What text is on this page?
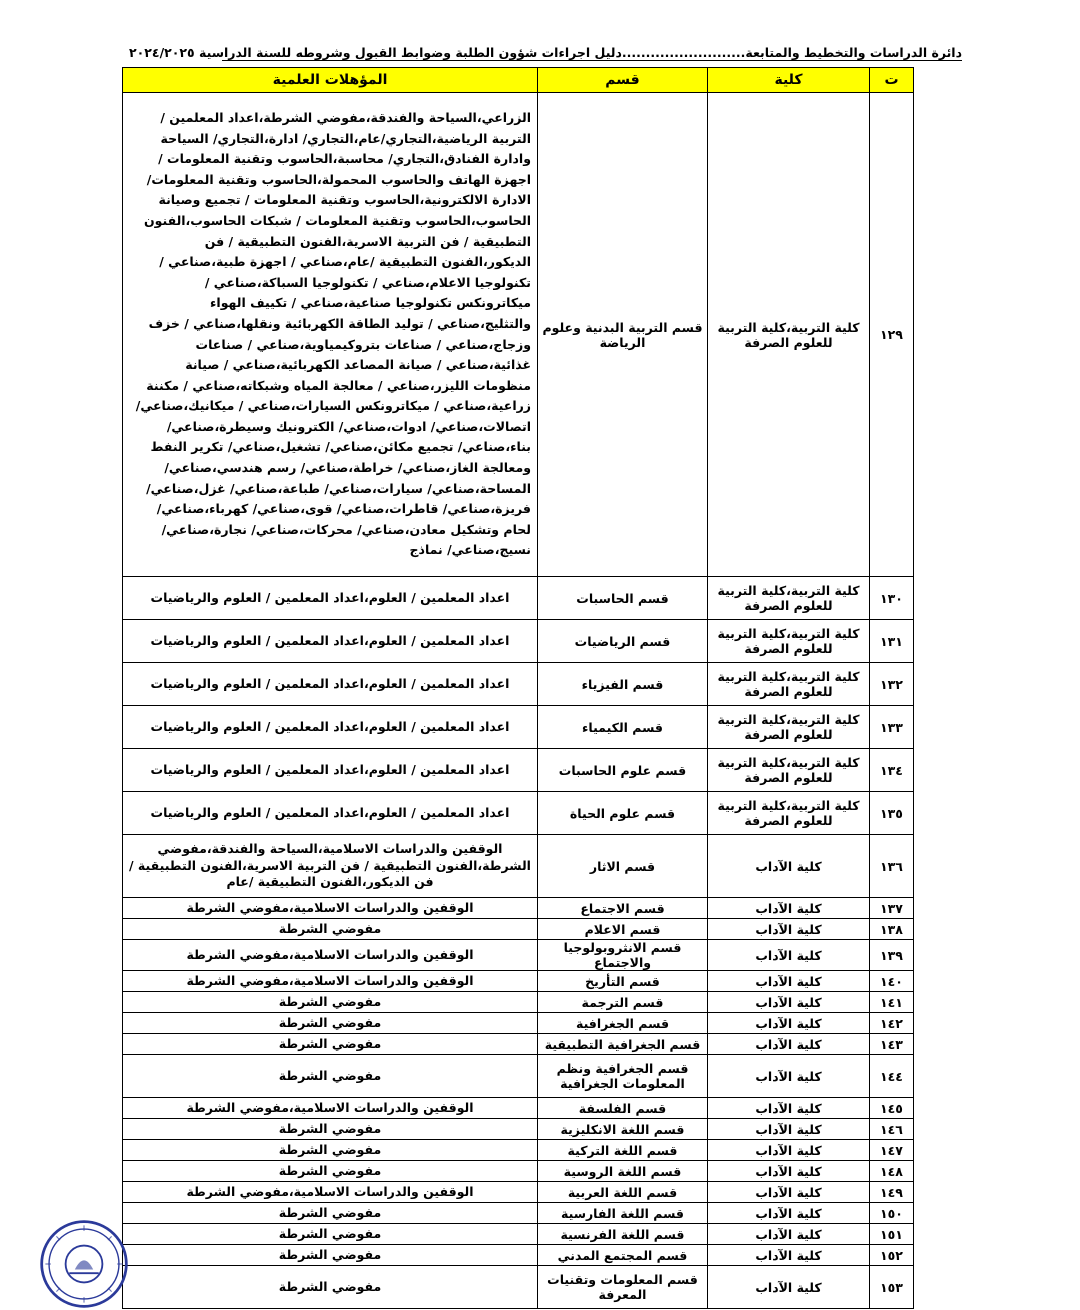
دائرة الدراسات والتخطيط والمتابعة
..........................
دليل اجراءات شؤون الطلبة وضوابط القبول وشروطه للسنة الدراسية ٢٠٢٤/٢٠٢٥
ت	كلية	قسم	المؤهلات العلمية
١٢٩	كلية التربية،كلية التربية للعلوم الصرفة	قسم التربية البدنية وعلوم الرياضة	الزراعي،السياحة والفندقة،مفوضي الشرطة،اعداد المعلمين / التربية الرياضية،التجاري/عام،التجاري/ ادارة،التجاري/ السياحة وادارة الفنادق،التجاري/ محاسبة،الحاسوب وتقنية المعلومات / اجهزة الهاتف والحاسوب المحمولة،الحاسوب وتقنية المعلومات/ الادارة الالكترونية،الحاسوب وتقنية المعلومات / تجميع وصيانة الحاسوب،الحاسوب وتقنية المعلومات / شبكات الحاسوب،الفنون التطبيقية / فن التربية الاسرية،الفنون التطبيقية / فن الديكور،الفنون التطبيقية /عام،صناعي / اجهزة طبية،صناعي / تكنولوجيا الاعلام،صناعي / تكنولوجيا السباكة،صناعي / ميكاترونكس تكنولوجيا صناعية،صناعي / تكييف الهواء والتثليج،صناعي / توليد الطاقة الكهربائية ونقلها،صناعي / خزف وزجاج،صناعي / صناعات بتروكيمياوية،صناعي / صناعات غذائية،صناعي / صيانة المصاعد الكهربائية،صناعي / صيانة منظومات الليزر،صناعي / معالجة المياه وشبكاته،صناعي / مكننة زراعية،صناعي / ميكاترونكس السيارات،صناعي / ميكانيك،صناعي/ اتصالات،صناعي/ ادوات،صناعي/ الكترونيك وسيطرة،صناعي/ بناء،صناعي/ تجميع مكائن،صناعي/ تشغيل،صناعي/ تكرير النفط ومعالجة الغاز،صناعي/ خراطة،صناعي/ رسم هندسي،صناعي/ المساحة،صناعي/ سيارات،صناعي/ طباعة،صناعي/ غزل،صناعي/ فريزة،صناعي/ قاطرات،صناعي/ قوى،صناعي/ كهرباء،صناعي/ لحام وتشكيل معادن،صناعي/ محركات،صناعي/ نجارة،صناعي/ نسيج،صناعي/ نماذج
١٣٠	كلية التربية،كلية التربية للعلوم الصرفة	قسم الحاسبات	اعداد المعلمين / العلوم،اعداد المعلمين / العلوم والرياضيات
١٣١	كلية التربية،كلية التربية للعلوم الصرفة	قسم الرياضيات	اعداد المعلمين / العلوم،اعداد المعلمين / العلوم والرياضيات
١٣٢	كلية التربية،كلية التربية للعلوم الصرفة	قسم الفيزياء	اعداد المعلمين / العلوم،اعداد المعلمين / العلوم والرياضيات
١٣٣	كلية التربية،كلية التربية للعلوم الصرفة	قسم الكيمياء	اعداد المعلمين / العلوم،اعداد المعلمين / العلوم والرياضيات
١٣٤	كلية التربية،كلية التربية للعلوم الصرفة	قسم علوم الحاسبات	اعداد المعلمين / العلوم،اعداد المعلمين / العلوم والرياضيات
١٣٥	كلية التربية،كلية التربية للعلوم الصرفة	قسم علوم الحياة	اعداد المعلمين / العلوم،اعداد المعلمين / العلوم والرياضيات
١٣٦	كلية الآداب	قسم الاثار	الوقفين والدراسات الاسلامية،السياحة والفندقة،مفوضي الشرطة،الفنون التطبيقية / فن التربية الاسرية،الفنون التطبيقية / فن الديكور،الفنون التطبيقية /عام
١٣٧	كلية الآداب	قسم الاجتماع	الوقفين والدراسات الاسلامية،مفوضي الشرطة
١٣٨	كلية الآداب	قسم الاعلام	مفوضي الشرطة
١٣٩	كلية الآداب	قسم الانثروبولوجيا والاجتماع	الوقفين والدراسات الاسلامية،مفوضي الشرطة
١٤٠	كلية الآداب	قسم التأريخ	الوقفين والدراسات الاسلامية،مفوضي الشرطة
١٤١	كلية الآداب	قسم الترجمة	مفوضي الشرطة
١٤٢	كلية الآداب	قسم الجغرافية	مفوضي الشرطة
١٤٣	كلية الآداب	قسم الجغرافية التطبيقية	مفوضي الشرطة
١٤٤	كلية الآداب	قسم الجغرافية ونظم المعلومات الجغرافية	مفوضي الشرطة
١٤٥	كلية الآداب	قسم الفلسفة	الوقفين والدراسات الاسلامية،مفوضي الشرطة
١٤٦	كلية الآداب	قسم اللغة الانكليزية	مفوضي الشرطة
١٤٧	كلية الآداب	قسم اللغة التركية	مفوضي الشرطة
١٤٨	كلية الآداب	قسم اللغة الروسية	مفوضي الشرطة
١٤٩	كلية الآداب	قسم اللغة العربية	الوقفين والدراسات الاسلامية،مفوضي الشرطة
١٥٠	كلية الآداب	قسم اللغة الفارسية	مفوضي الشرطة
١٥١	كلية الآداب	قسم اللغة الفرنسية	مفوضي الشرطة
١٥٢	كلية الآداب	قسم المجتمع المدني	مفوضي الشرطة
١٥٣	كلية الآداب	قسم المعلومات وتقنيات المعرفة	مفوضي الشرطة
